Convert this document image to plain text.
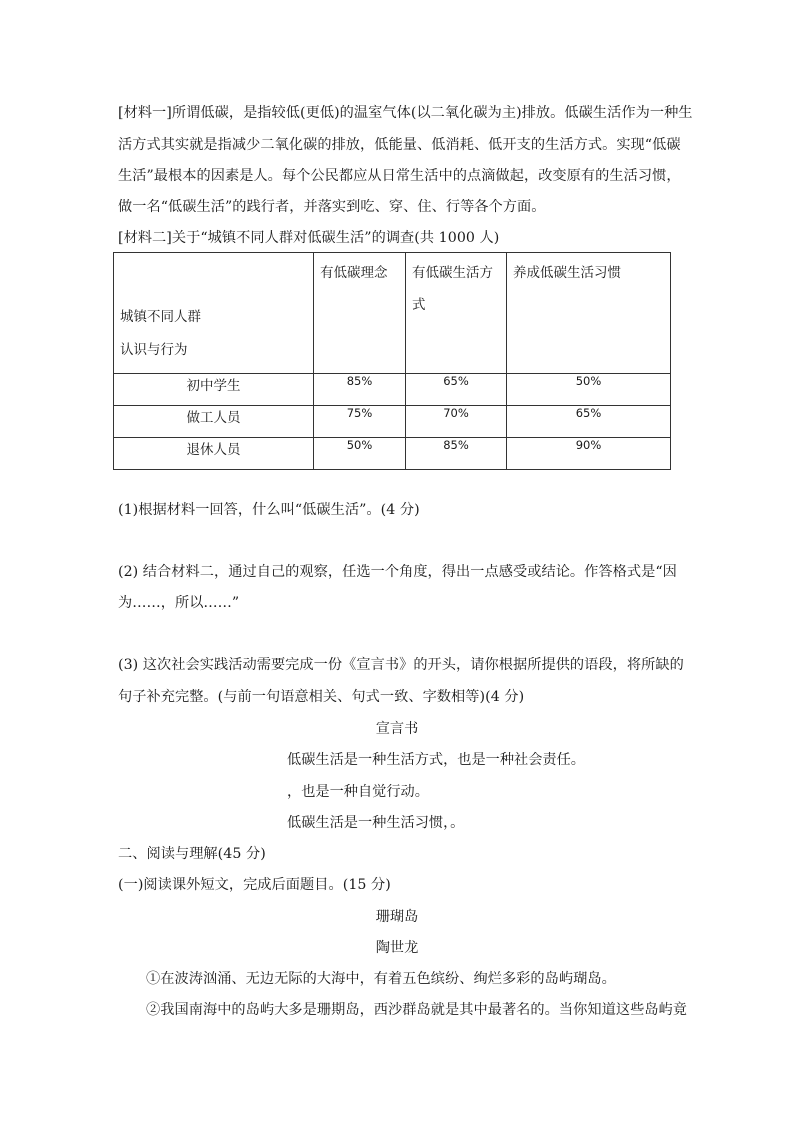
[材料一]所谓低碳，是指较低(更低)的温室气体(以二氧化碳为主)排放。低碳生活作为一种生
活方式其实就是指减少二氧化碳的排放，低能量、低消耗、低开支的生活方式。实现“低碳
生活”最根本的因素是人。每个公民都应从日常生活中的点滴做起，改变原有的生活习惯，
做一名“低碳生活”的践行者，并落实到吃、穿、住、行等各个方面。
[材料二]关于“城镇不同人群对低碳生活”的调查(共 1000 人)
城镇不同人群
认识与行为	有低碳理念	有低碳生活方式	养成低碳生活习惯
初中学生	85%	65%	50%
做工人员	75%	70%	65%
退休人员	50%	85%	90%
(1)根据材料一回答，什么叫“低碳生活”。(4 分)
(2) 结合材料二，通过自己的观察，任选一个角度，得出一点感受或结论。作答格式是“因
为……，所以……”
(3) 这次社会实践活动需要完成一份《宣言书》的开头，请你根据所提供的语段，将所缺的
句子补充完整。(与前一句语意相关、句式一致、字数相等)(4 分)
宣言书
低碳生活是一种生活方式，也是一种社会责任。
，也是一种自觉行动。
低碳生活是一种生活习惯，。
二、阅读与理解(45 分)
(一)阅读课外短文，完成后面题目。(15 分)
珊瑚岛
陶世龙
①在波涛汹涌、无边无际的大海中，有着五色缤纷、绚烂多彩的岛屿瑚岛。
②我国南海中的岛屿大多是珊期岛，西沙群岛就是其中最著名的。当你知道这些岛屿竟
